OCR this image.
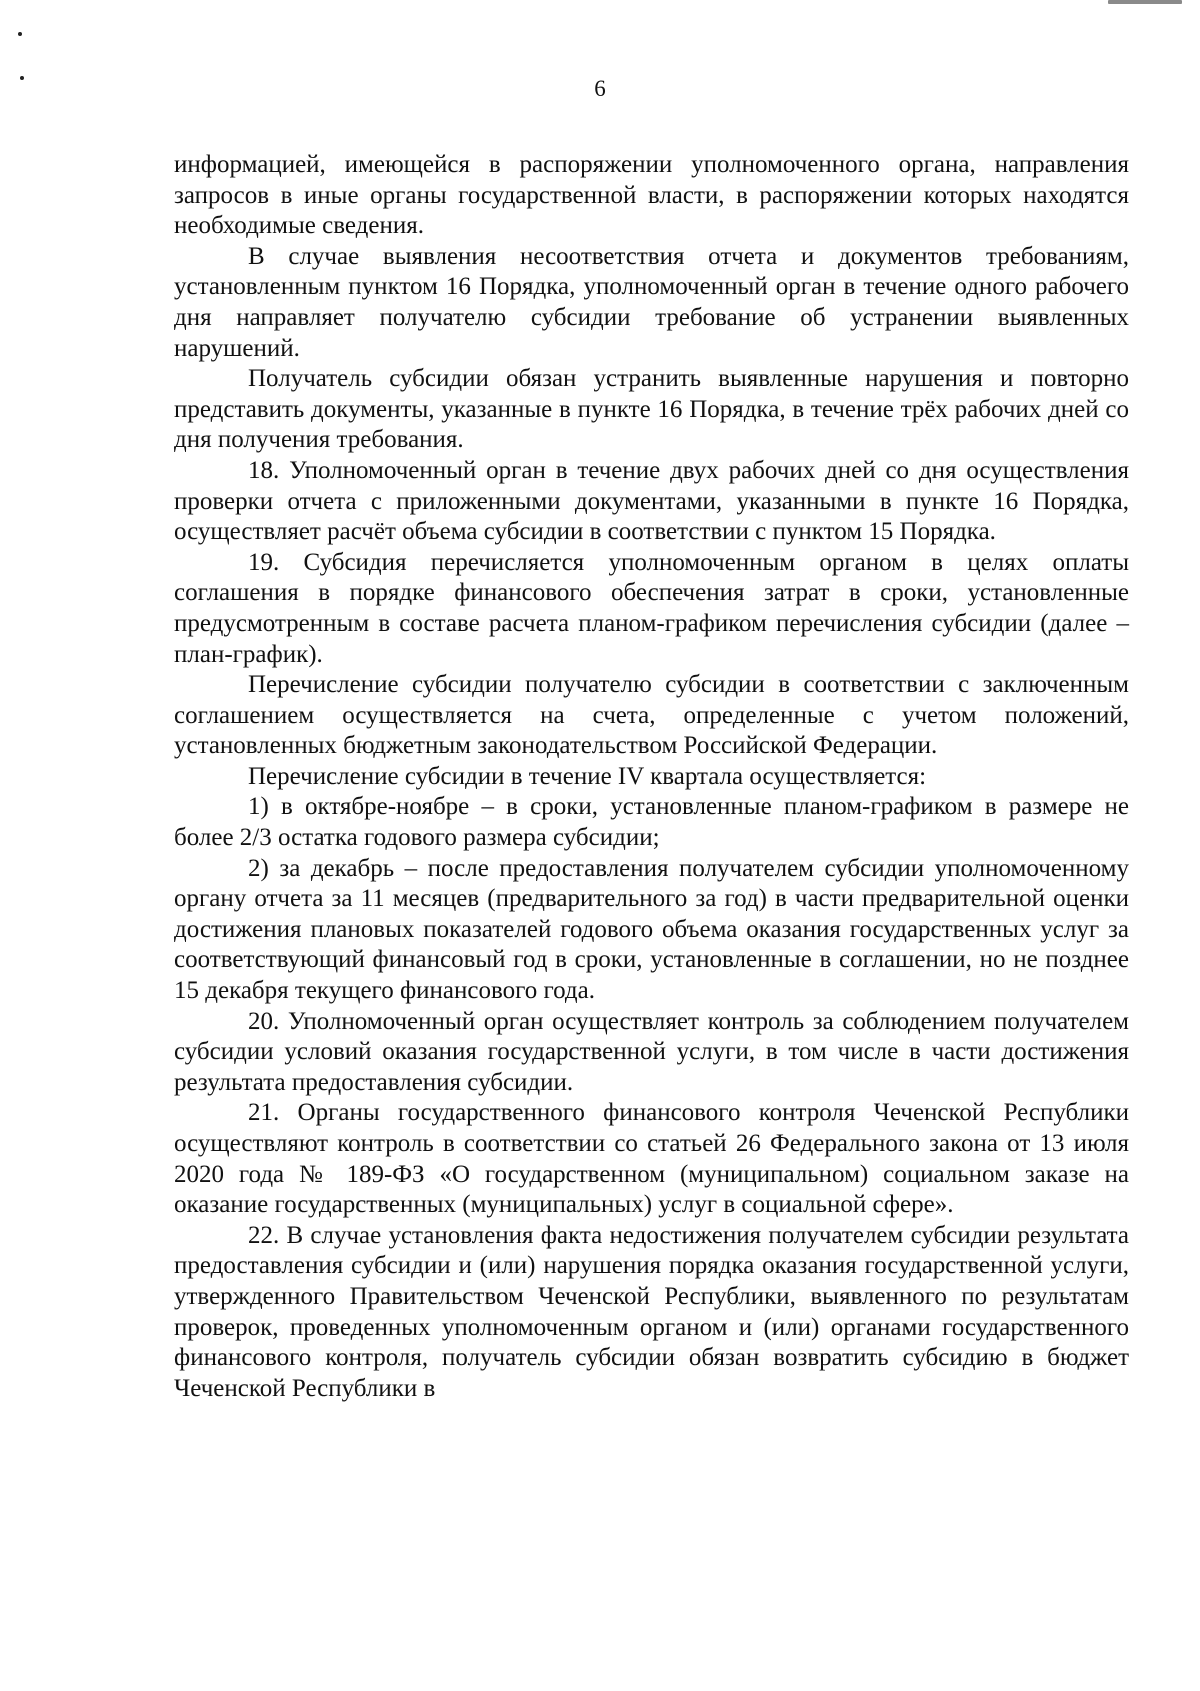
6

информацией, имеющейся в распоряжении уполномоченного органа, направления запросов в иные органы государственной власти, в распоряжении которых находятся необходимые сведения.

В случае выявления несоответствия отчета и документов требованиям, установленным пунктом 16 Порядка, уполномоченный орган в течение одного рабочего дня направляет получателю субсидии требование об устранении выявленных нарушений.

Получатель субсидии обязан устранить выявленные нарушения и повторно представить документы, указанные в пункте 16 Порядка, в течение трёх рабочих дней со дня получения требования.

18. Уполномоченный орган в течение двух рабочих дней со дня осуществления проверки отчета с приложенными документами, указанными в пункте 16 Порядка, осуществляет расчёт объема субсидии в соответствии с пунктом 15 Порядка.

19. Субсидия перечисляется уполномоченным органом в целях оплаты соглашения в порядке финансового обеспечения затрат в сроки, установленные предусмотренным в составе расчета планом-графиком перечисления субсидии (далее – план-график).

Перечисление субсидии получателю субсидии в соответствии с заключенным соглашением осуществляется на счета, определенные с учетом положений, установленных бюджетным законодательством Российской Федерации.

Перечисление субсидии в течение IV квартала осуществляется:

1) в октябре-ноябре – в сроки, установленные планом-графиком в размере не более 2/3 остатка годового размера субсидии;

2) за декабрь – после предоставления получателем субсидии уполномоченному органу отчета за 11 месяцев (предварительного за год) в части предварительной оценки достижения плановых показателей годового объема оказания государственных услуг за соответствующий финансовый год в сроки, установленные в соглашении, но не позднее 15 декабря текущего финансового года.

20. Уполномоченный орган осуществляет контроль за соблюдением получателем субсидии условий оказания государственной услуги, в том числе в части достижения результата предоставления субсидии.

21. Органы государственного финансового контроля Чеченской Республики осуществляют контроль в соответствии со статьей 26 Федерального закона от 13 июля 2020 года № 189-ФЗ «О государственном (муниципальном) социальном заказе на оказание государственных (муниципальных) услуг в социальной сфере».

22. В случае установления факта недостижения получателем субсидии результата предоставления субсидии и (или) нарушения порядка оказания государственной услуги, утвержденного Правительством Чеченской Республики, выявленного по результатам проверок, проведенных уполномоченным органом и (или) органами государственного финансового контроля, получатель субсидии обязан возвратить субсидию в бюджет Чеченской Республики в
